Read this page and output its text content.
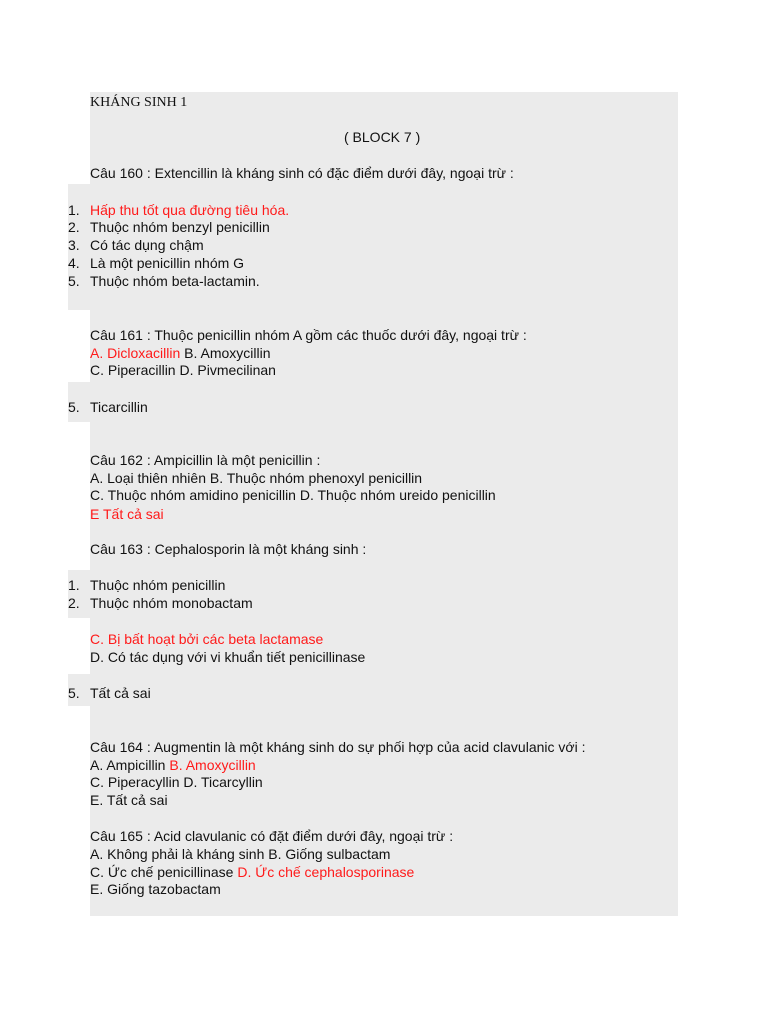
KHÁNG SINH 1
( BLOCK 7 )
Câu 160 : Extencillin là kháng sinh có đặc điểm dưới đây, ngoại trừ :
1. Hấp thu tốt qua đường tiêu hóa.
2. Thuộc nhóm benzyl penicillin
3. Có tác dụng chậm
4. Là một penicillin nhóm G
5. Thuộc nhóm beta-lactamin.
Câu 161 : Thuộc penicillin nhóm A gồm các thuốc dưới đây, ngoại trừ :
A. Dicloxacillin B. Amoxycillin
C. Piperacillin D. Pivmecilinan
5. Ticarcillin
Câu 162 : Ampicillin là một penicillin :
A. Loại thiên nhiên B. Thuộc nhóm phenoxyl penicillin
C. Thuộc nhóm amidino penicillin D. Thuộc nhóm ureido penicillin
E Tất cả sai
Câu 163 : Cephalosporin là một kháng sinh :
1. Thuộc nhóm penicillin
2. Thuộc nhóm monobactam
C. Bị bất hoạt bởi các beta lactamase
D. Có tác dụng với vi khuẩn tiết penicillinase
5. Tất cả sai
Câu 164 : Augmentin là một kháng sinh do sự phối hợp của acid clavulanic với :
A. Ampicillin B. Amoxycillin
C. Piperacyllin D. Ticarcyllin
E. Tất cả sai
Câu 165 : Acid clavulanic có đặt điểm dưới đây, ngoại trừ :
A. Không phải là kháng sinh B. Giống sulbactam
C. Ức chế penicillinase D. Ức chế cephalosporinase
E. Giống tazobactam
